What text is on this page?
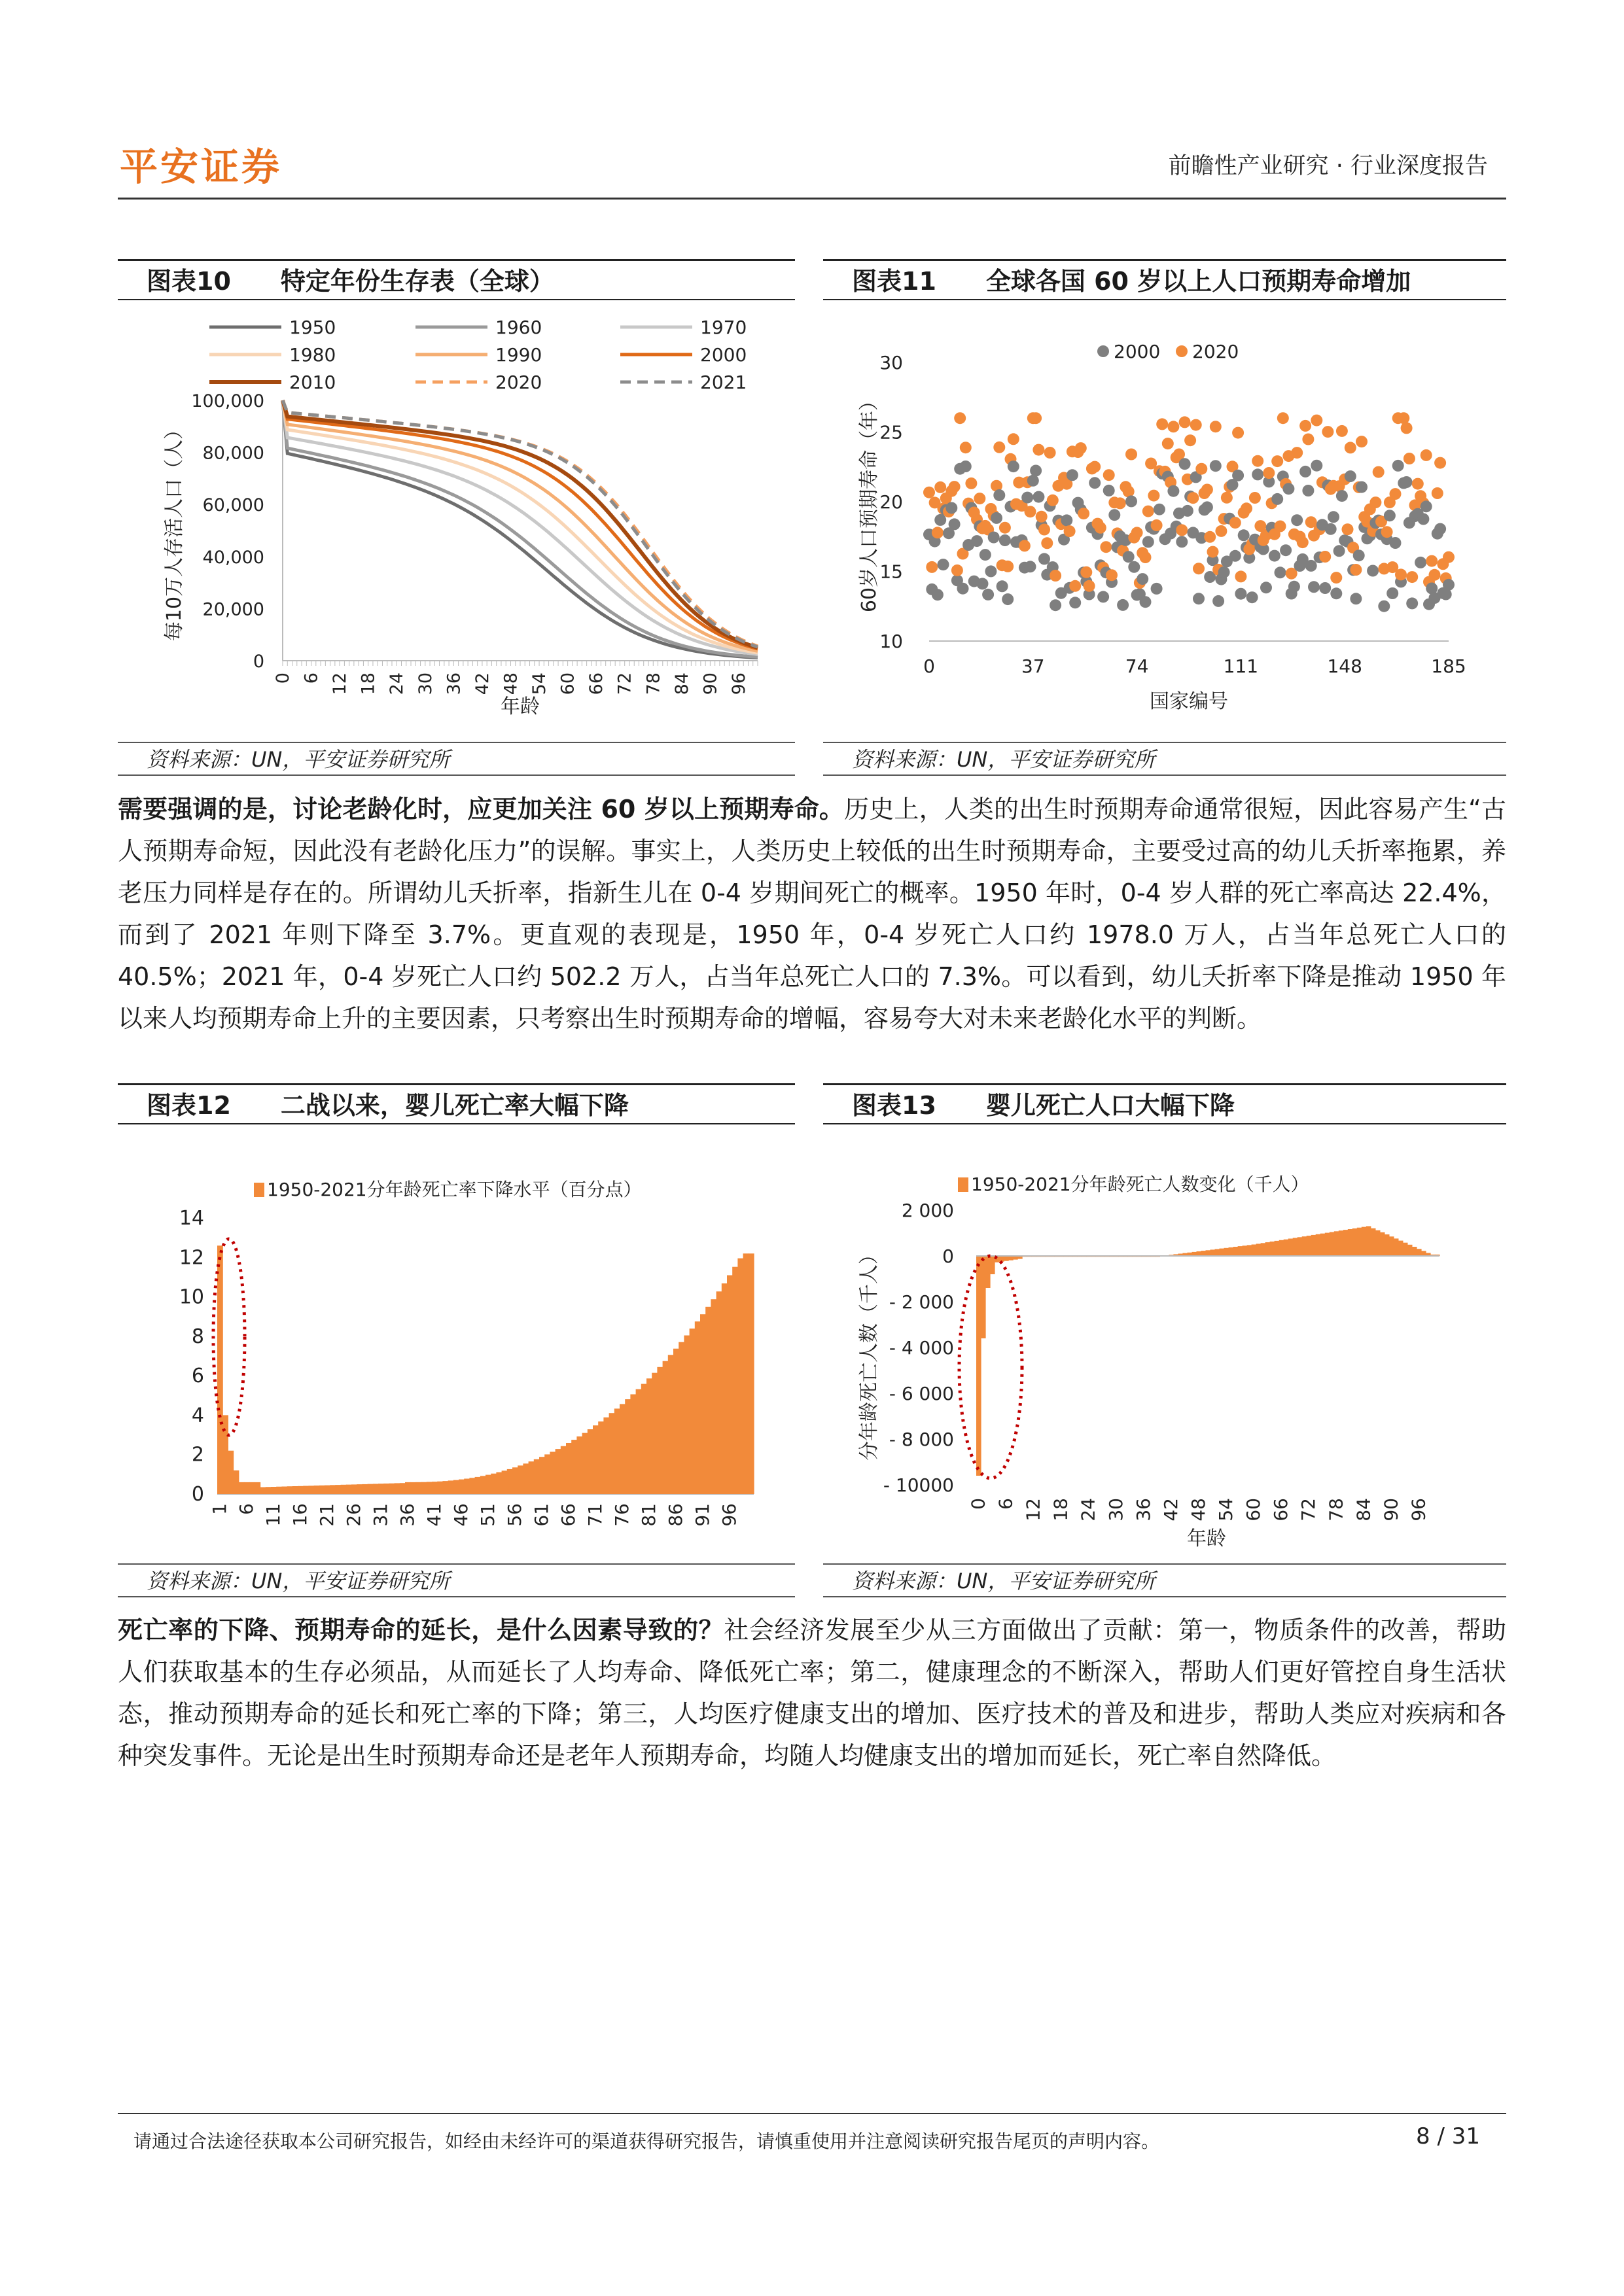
平安证券	前瞻性产业研究 · 行业深度报告
图表10　　特定年份生存表（全球）
1950	1960	1970
1980	1990	2000
2010	2020	2021
100,000
80,000
60,000
40,000
20,000
0
0 6 12 18 24 30 36 42 48 54 60 66 72 78 84 90 96
每10万人存活人口（人）
年龄
资料来源：UN，平安证券研究所
图表11　　全球各国 60 岁以上人口预期寿命增加
2000 2020
30
25
20
15
10
0	37	74	111	148	185
60岁人口预期寿命（年）
国家编号
资料来源：UN，平安证券研究所
需要强调的是，讨论老龄化时，应更加关注 60 岁以上预期寿命。历史上，人类的出生时预期寿命通常很短，因此容易产生“古人预期寿命短，因此没有老龄化压力”的误解。事实上，人类历史上较低的出生时预期寿命，主要受过高的幼儿夭折率拖累，养老压力同样是存在的。所谓幼儿夭折率，指新生儿在 0-4 岁期间死亡的概率。1950 年时，0-4 岁人群的死亡率高达 22.4%，而到了 2021 年则下降至 3.7%。更直观的表现是，1950 年，0-4 岁死亡人口约 1978.0 万人，占当年总死亡人口的 40.5%；2021 年，0-4 岁死亡人口约 502.2 万人，占当年总死亡人口的 7.3%。可以看到，幼儿夭折率下降是推动 1950 年以来人均预期寿命上升的主要因素，只考察出生时预期寿命的增幅，容易夸大对未来老龄化水平的判断。
图表12　　二战以来，婴儿死亡率大幅下降
1950-2021分年龄死亡率下降水平（百分点）
14
12
10
8
6
4
2
0
1 6 11 16 21 26 31 36 41 46 51 56 61 66 71 76 81 86 91 96
资料来源：UN，平安证券研究所
图表13　　婴儿死亡人口大幅下降
1950-2021分年龄死亡人数变化（千人）
2 000
0
- 2 000
- 4 000
- 6 000
- 8 000
- 10000
0 6 12 18 24 30 36 42 48 54 60 66 72 78 84 90 96
分年龄死亡人数（千人）
年龄
资料来源：UN，平安证券研究所
死亡率的下降、预期寿命的延长，是什么因素导致的？社会经济发展至少从三方面做出了贡献：第一，物质条件的改善，帮助人们获取基本的生存必须品，从而延长了人均寿命、降低死亡率；第二，健康理念的不断深入，帮助人们更好管控自身生活状态，推动预期寿命的延长和死亡率的下降；第三，人均医疗健康支出的增加、医疗技术的普及和进步，帮助人类应对疾病和各种突发事件。无论是出生时预期寿命还是老年人预期寿命，均随人均健康支出的增加而延长，死亡率自然降低。
请通过合法途径获取本公司研究报告，如经由未经许可的渠道获得研究报告，请慎重使用并注意阅读研究报告尾页的声明内容。	8 / 31
